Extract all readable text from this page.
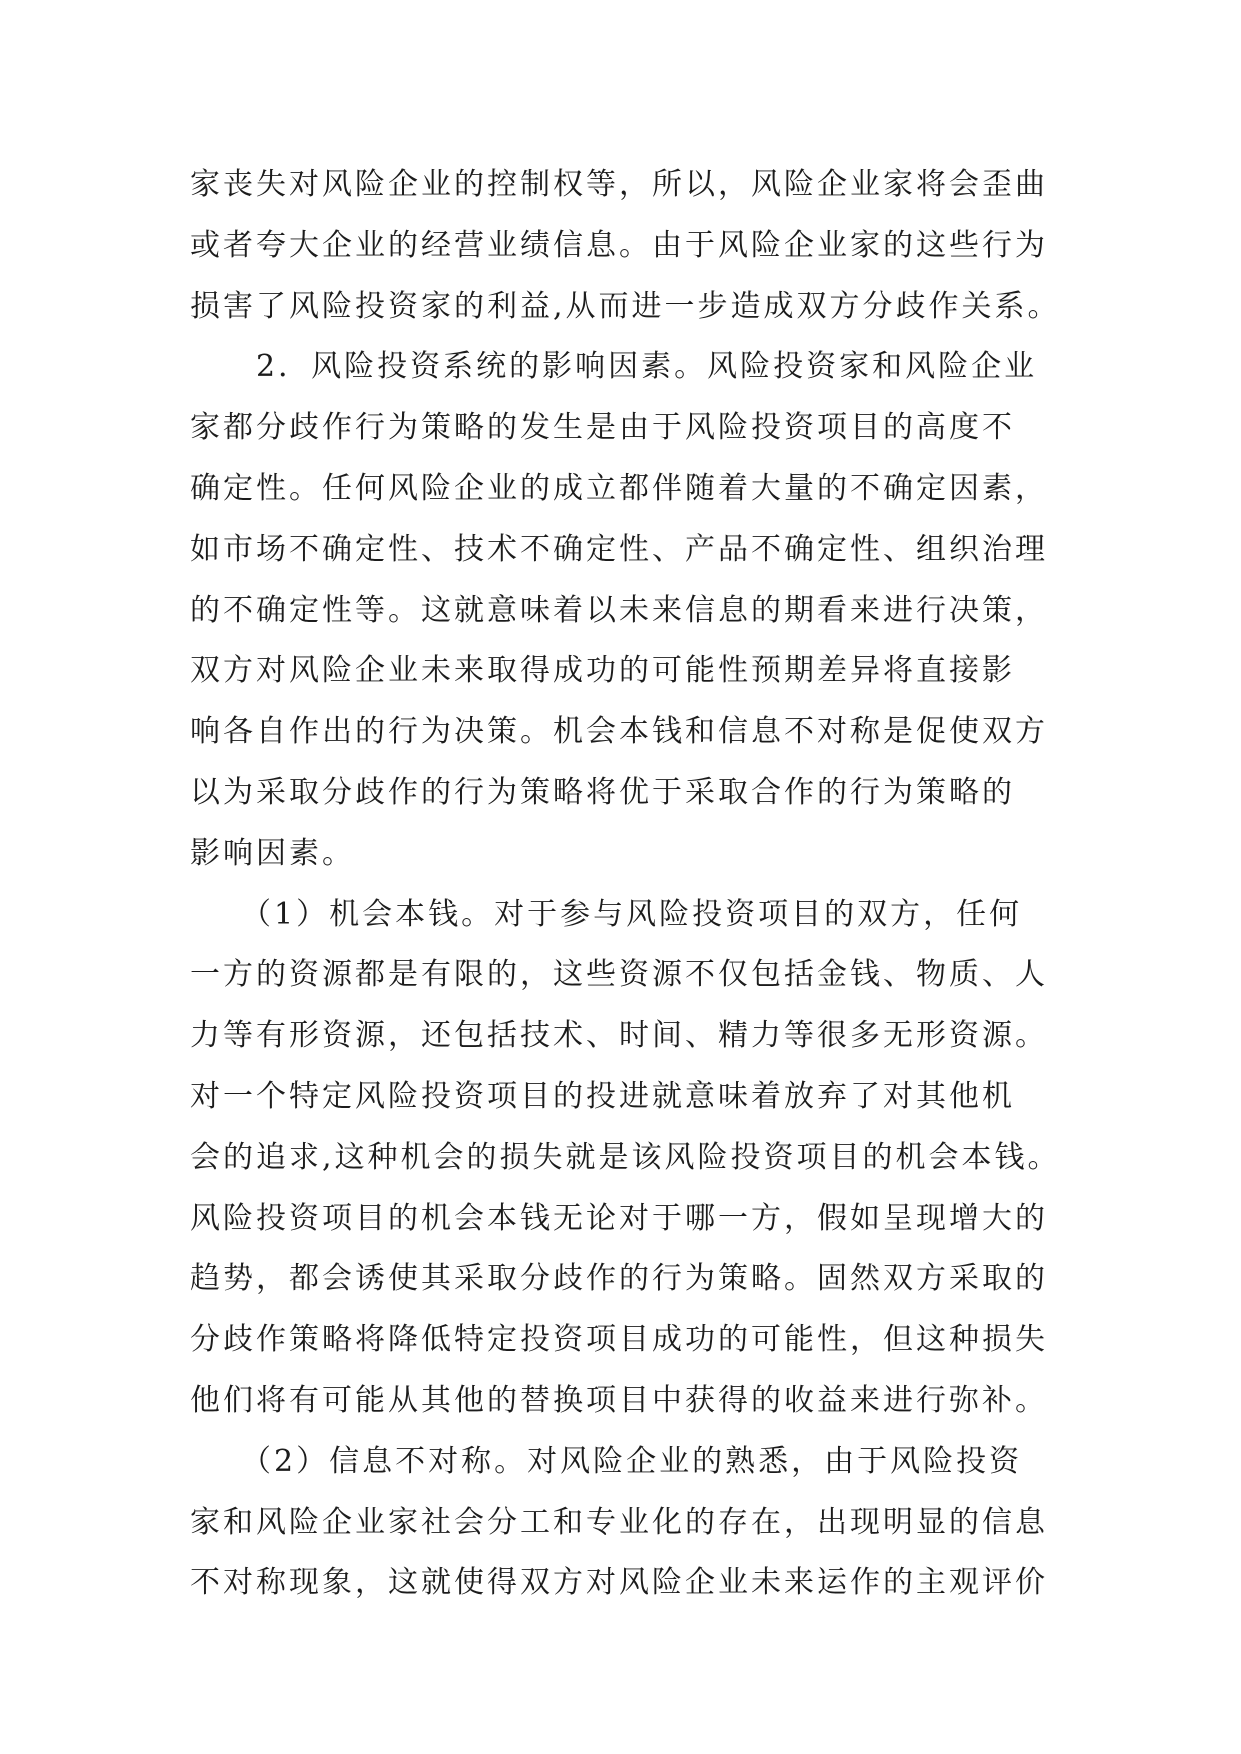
家丧失对风险企业的控制权等，所以，风险企业家将会歪曲
或者夸大企业的经营业绩信息。由于风险企业家的这些行为
损害了风险投资家的利益,从而进一步造成双方分歧作关系。
　　2．风险投资系统的影响因素。风险投资家和风险企业
家都分歧作行为策略的发生是由于风险投资项目的高度不
确定性。任何风险企业的成立都伴随着大量的不确定因素，
如市场不确定性、技术不确定性、产品不确定性、组织治理
的不确定性等。这就意味着以未来信息的期看来进行决策，
双方对风险企业未来取得成功的可能性预期差异将直接影
响各自作出的行为决策。机会本钱和信息不对称是促使双方
以为采取分歧作的行为策略将优于采取合作的行为策略的
影响因素。
　　（1）机会本钱。对于参与风险投资项目的双方，任何
一方的资源都是有限的，这些资源不仅包括金钱、物质、人
力等有形资源，还包括技术、时间、精力等很多无形资源。
对一个特定风险投资项目的投进就意味着放弃了对其他机
会的追求,这种机会的损失就是该风险投资项目的机会本钱。
风险投资项目的机会本钱无论对于哪一方，假如呈现增大的
趋势，都会诱使其采取分歧作的行为策略。固然双方采取的
分歧作策略将降低特定投资项目成功的可能性，但这种损失
他们将有可能从其他的替换项目中获得的收益来进行弥补。
　　（2）信息不对称。对风险企业的熟悉，由于风险投资
家和风险企业家社会分工和专业化的存在，出现明显的信息
不对称现象，这就使得双方对风险企业未来运作的主观评价
